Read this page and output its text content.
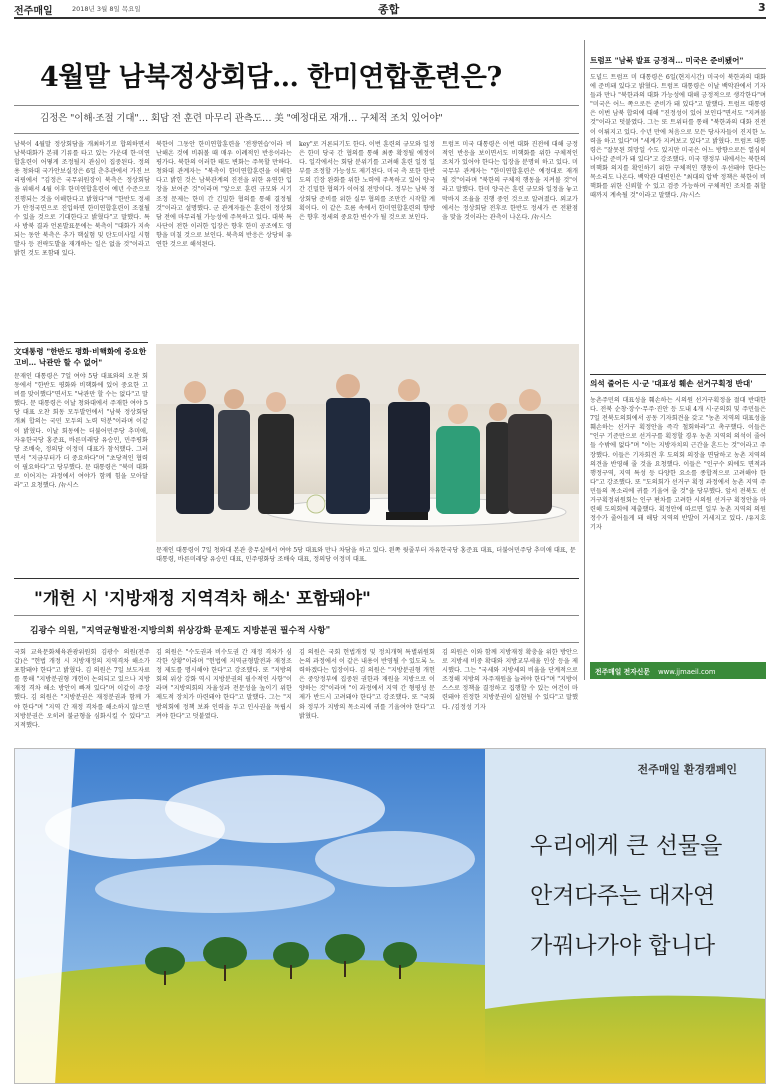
전주매일	2018년 3월 8일 목요일	종합	3
4월말 남북정상회담… 한미연합훈련은?
김정은 "이해·조절 기대"… 회담 전 훈련 마무리 관측도… 美 "예정대로 재개… 구체적 조치 있어야"
남북이 4월말 정상회담을 개최하기로 합의하면서 남북대화가 본궤 기류를 타고 있는 가운데 한·미연합훈련이 어떻게 조정될지 관심이 집중된다. 정의용 청와대 국가안보실장은 6일 춘추관에서 가진 브리핑에서 "김정은 국무위원장이 북측은 정상회담을 위해서 4월 이후 한미연합훈련이 예년 수준으로 진행되는 것을 이해한다고 밝혔다"며 "한반도 정세가 안정국면으로 진입하면 한미연합훈련이 조절될 수 있을 것으로 기대한다고 밝혔다"고 말했다. 특사 방북 결과 언론발표문에는 북측이 "대화가 지속되는 동안 북측은 추가 핵실험 및 탄도미사일 시험발사 등 전략도발을 재개하는 일은 없을 것"이라고 밝힌 것도 포함돼 있다.
북한이 그동안 한미연합훈련을 '전쟁연습'이라 비난해온 것에 비춰볼 때 매우 이례적인 반응이라는 평가다. 북한의 이러한 태도 변화는 주목할 만하다. 청와대 관계자는 "북측이 한미연합훈련을 이해한다고 밝힌 것은 남북관계의 진전을 위한 유연한 입장을 보여준 것"이라며 "앞으로 훈련 규모와 시기 조정 문제는 한미 간 긴밀한 협의를 통해 결정될 것"이라고 설명했다. 군 관계자들은 훈련이 정상회담 전에 마무리될 가능성에 주목하고 있다. 대북 특사단이 전한 이러한 입장은 향후 한미 공조에도 영향을 미칠 것으로 보인다. 북측의 반응은 상당히 유연한 것으로 해석된다.
key"로 거론되기도 한다. 이번 훈련의 규모와 일정은 한미 당국 간 협의를 통해 최종 확정될 예정이다. 일각에서는 회담 분위기를 고려해 훈련 일정 일부를 조정할 가능성도 제기된다. 미국 측 또한 한반도의 긴장 완화를 위한 노력에 주목하고 있어 양국 간 긴밀한 협의가 이어질 전망이다. 정부는 남북 정상회담 준비를 위한 실무 협의를 조만간 시작할 계획이다. 이 같은 흐름 속에서 한미연합훈련의 향방은 향후 정세의 중요한 변수가 될 것으로 보인다.
트럼프 미국 대통령은 이번 대화 진전에 대해 긍정적인 반응을 보이면서도 비핵화를 위한 구체적인 조치가 있어야 한다는 입장을 분명히 하고 있다. 미 국무부 관계자는 "한미연합훈련은 예정대로 재개될 것"이라며 "북한의 구체적 행동을 지켜볼 것"이라고 말했다. 한미 양국은 훈련 규모와 일정을 놓고 막바지 조율을 진행 중인 것으로 알려졌다. 외교가에서는 정상회담 전후로 한반도 정세가 큰 전환점을 맞을 것이라는 관측이 나온다. /뉴시스
트럼프 "남북 발표 긍정적… 미국은 준비됐어"
도널드 트럼프 미 대통령은 6일(현지시간) 미국이 북한과의 대화에 준비돼 있다고 밝혔다. 트럼프 대통령은 이날 백악관에서 기자들과 만나 "북한과의 대화 가능성에 대해 긍정적으로 생각한다"며 "미국은 어느 쪽으로든 준비가 돼 있다"고 말했다. 트럼프 대통령은 이번 남북 합의에 대해 "진정성이 있어 보인다"면서도 "지켜볼 것"이라고 덧붙였다. 그는 또 트위터를 통해 "북한과의 대화 진전이 이뤄지고 있다. 수년 만에 처음으로 모든 당사자들이 진지한 노력을 하고 있다"며 "세계가 지켜보고 있다"고 밝혔다. 트럼프 대통령은 "잘못된 희망일 수도 있지만 미국은 어느 방향으로든 열심히 나아갈 준비가 돼 있다"고 강조했다. 미국 행정부 내에서는 북한의 비핵화 의지를 확인하기 위한 구체적인 행동이 우선돼야 한다는 목소리도 나온다. 백악관 대변인은 "최대의 압박 정책은 북한이 비핵화를 위한 신뢰할 수 있고 검증 가능하며 구체적인 조치를 취할 때까지 계속될 것"이라고 말했다. /뉴시스
의석 줄어든 시·군 '대표성 훼손 선거구획정 반대'
농촌주민의 대표성을 훼손하는 시의원 선거구획정을 절대 반대한다. 전북 순창·장수·무주·진안 등 도내 4개 시·군의회 및 주민들은 7일 전북도의회에서 공동 기자회견을 갖고 "농촌 지역의 대표성을 훼손하는 선거구 획정안을 즉각 철회하라"고 촉구했다. 이들은 "인구 기준만으로 선거구를 획정할 경우 농촌 지역의 의석이 줄어들 수밖에 없다"며 "이는 지방자치의 근간을 흔드는 것"이라고 주장했다. 이들은 기자회견 후 도의회 의장을 면담하고 농촌 지역의 의견을 반영해 줄 것을 요청했다. 이들은 "인구수 외에도 면적과 행정구역, 지역 특성 등 다양한 요소를 종합적으로 고려해야 한다"고 강조했다. 또 "도의회가 선거구 획정 과정에서 농촌 지역 주민들의 목소리에 귀를 기울여 줄 것"을 당부했다. 앞서 전북도 선거구획정위원회는 인구 편차를 고려한 시의원 선거구 획정안을 마련해 도의회에 제출했다. 획정안에 따르면 일부 농촌 지역의 의원 정수가 줄어들게 돼 해당 지역의 반발이 거세지고 있다. /유지호 기자
전주매일 전자신문 www.jjmaeil.com
文대통령 "한반도 평화·비핵화에 중요한 고비… 낙관만 할 수 없어"
문재인 대통령은 7일 여야 5당 대표와의 오찬 회동에서 "한반도 평화와 비핵화에 있어 중요한 고비를 맞이했다"면서도 "낙관만 할 수는 없다"고 말했다. 문 대통령은 이날 청와대에서 주재한 여야 5당 대표 오찬 회동 모두발언에서 "남북 정상회담 개최 합의는 국민 모두의 노력 덕분"이라며 이같이 밝혔다. 이날 회동에는 더불어민주당 추미애, 자유한국당 홍준표, 바른미래당 유승민, 민주평화당 조배숙, 정의당 이정미 대표가 참석했다. 그러면서 "지금부터가 더 중요하다"며 "초당적인 협력이 필요하다"고 당부했다. 문 대통령은 "북미 대화로 이어지는 과정에서 여야가 함께 힘을 모아달라"고 요청했다. /뉴시스
문재인 대통령이 7일 청와대 본관 충무실에서 여야 5당 대표와 만나 차담을 하고 있다. 왼쪽 윗줄부터 자유한국당 홍준표 대표, 더불어민주당 추미애 대표, 문 대통령, 바른미래당 유승민 대표, 민주평화당 조배숙 대표, 정의당 이정미 대표.
"개헌 시 '지방재정 지역격차 해소' 포함돼야"
김광수 의원, "지역균형발전·지방의회 위상강화 문제도 지방분권 필수적 사항"
국회 교육문화체육관광위원회 김광수 의원(전주갑)은 "헌법 개정 시 지방재정의 지역격차 해소가 포함돼야 한다"고 밝혔다. 김 의원은 7일 보도자료를 통해 "지방분권형 개헌이 논의되고 있으나 지방재정 격차 해소 방안이 빠져 있다"며 이같이 주장했다. 김 의원은 "지방분권은 재정분권과 함께 가야 한다"며 "지역 간 재정 격차를 해소하지 않으면 지방분권은 오히려 불균형을 심화시킬 수 있다"고 지적했다.
김 의원은 "수도권과 비수도권 간 재정 격차가 심각한 상황"이라며 "헌법에 지역균형발전과 재정조정 제도를 명시해야 한다"고 강조했다. 또 "지방의회의 위상 강화 역시 지방분권의 필수적인 사항"이라며 "지방의회의 자율성과 전문성을 높이기 위한 제도적 장치가 마련돼야 한다"고 말했다. 그는 "지방의회에 정책 보좌 인력을 두고 인사권을 독립시켜야 한다"고 덧붙였다.
김 의원은 국회 헌법개정 및 정치개혁 특별위원회 논의 과정에서 이 같은 내용이 반영될 수 있도록 노력하겠다는 입장이다. 김 의원은 "지방분권형 개헌은 중앙정부에 집중된 권한과 재원을 지방으로 이양하는 것"이라며 "이 과정에서 지역 간 형평성 문제가 반드시 고려돼야 한다"고 강조했다. 또 "국회와 정부가 지방의 목소리에 귀를 기울여야 한다"고 밝혔다.
김 의원은 이와 함께 지방재정 확충을 위한 방안으로 지방세 비중 확대와 지방교부세율 인상 등을 제시했다. 그는 "국세와 지방세의 비율을 단계적으로 조정해 지방의 자주재원을 늘려야 한다"며 "지방이 스스로 정책을 결정하고 집행할 수 있는 여건이 마련돼야 진정한 지방분권이 실현될 수 있다"고 말했다. /김정성 기자
전주매일 환경캠페인
우리에게 큰 선물을
안겨다주는 대자연
가꿔나가야 합니다
